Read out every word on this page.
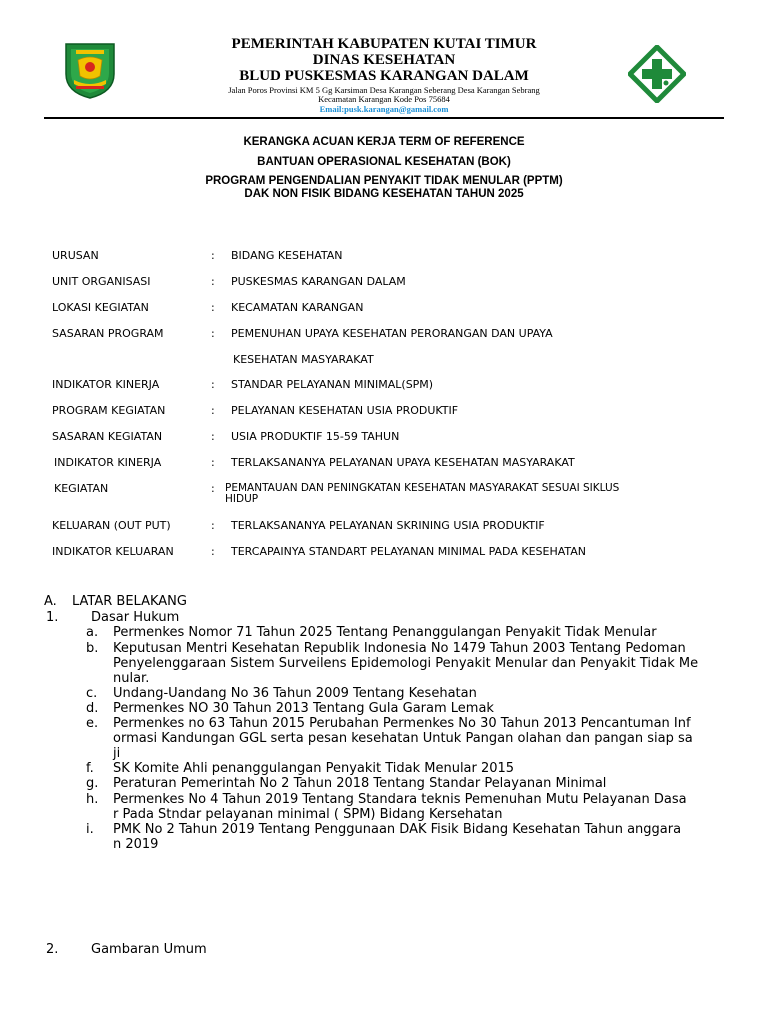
PEMERINTAH KABUPATEN KUTAI TIMUR
DINAS KESEHATAN
BLUD PUSKESMAS KARANGAN DALAM
Jalan Poros Provinsi KM 5 Gg Karsiman Desa Karangan Seberang Desa Karangan Sebrang
Kecamatan Karangan Kode Pos 75684
Email:pusk.karangan@gamail.com
KERANGKA ACUAN KERJA TERM OF REFERENCE
BANTUAN OPERASIONAL KESEHATAN (BOK)
PROGRAM PENGENDALIAN PENYAKIT TIDAK MENULAR (PPTM)
DAK NON FISIK BIDANG KESEHATAN TAHUN 2025
URUSAN	: BIDANG KESEHATAN
UNIT ORGANISASI	: PUSKESMAS KARANGAN DALAM
LOKASI KEGIATAN	: KECAMATAN KARANGAN
SASARAN PROGRAM	: PEMENUHAN UPAYA KESEHATAN PERORANGAN DAN UPAYA
KESEHATAN MASYARAKAT
INDIKATOR KINERJA	: STANDAR PELAYANAN MINIMAL(SPM)
PROGRAM KEGIATAN	: PELAYANAN KESEHATAN USIA PRODUKTIF
SASARAN KEGIATAN	: USIA PRODUKTIF 15-59 TAHUN
INDIKATOR KINERJA	: TERLAKSANANYA PELAYANAN UPAYA KESEHATAN MASYARAKAT
KEGIATAN	: PEMANTAUAN DAN PENINGKATAN KESEHATAN MASYARAKAT SESUAI SIKLUS
HIDUP
KELUARAN (OUT PUT)	: TERLAKSANANYA PELAYANAN SKRINING USIA PRODUKTIF
INDIKATOR KELUARAN	: TERCAPAINYA STANDART PELAYANAN MINIMAL PADA KESEHATAN
A. LATAR BELAKANG
1.	Dasar Hukum
a.	Permenkes Nomor 71 Tahun 2025 Tentang Penanggulangan Penyakit Tidak Menular
b.	Keputusan Mentri Kesehatan Republik Indonesia No 1479 Tahun 2003 Tentang Pedoman
Penyelenggaraan Sistem Surveilens Epidemologi Penyakit Menular dan Penyakit Tidak Me
nular.
c.	Undang-Uandang No 36 Tahun 2009 Tentang Kesehatan
d.	Permenkes NO 30 Tahun 2013 Tentang Gula Garam Lemak
e.	Permenkes no 63 Tahun 2015 Perubahan Permenkes No 30 Tahun 2013 Pencantuman Inf
ormasi Kandungan GGL serta pesan kesehatan Untuk Pangan olahan dan pangan siap sa
ji
f.	SK Komite Ahli penanggulangan Penyakit Tidak Menular 2015
g.	Peraturan Pemerintah No 2 Tahun 2018 Tentang Standar Pelayanan Minimal
h.	Permenkes No 4 Tahun 2019 Tentang Standara teknis Pemenuhan Mutu Pelayanan Dasa
r Pada Stndar pelayanan minimal ( SPM) Bidang Kersehatan
i.	PMK No 2 Tahun 2019 Tentang Penggunaan DAK Fisik Bidang Kesehatan Tahun anggara
n 2019
2.	Gambaran Umum
